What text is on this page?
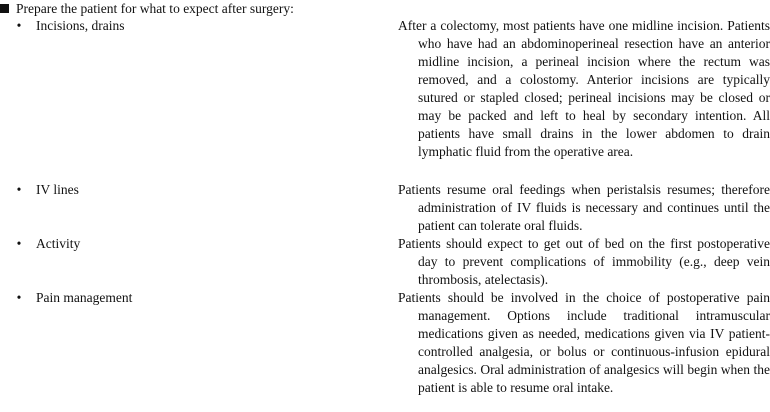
Prepare the patient for what to expect after surgery:
• Incisions, drains	After a colectomy, most patients have one midline incision. Patients who have had an abdominoperineal resection have an anterior midline incision, a perineal incision where the rectum was removed, and a colostomy. Anterior incisions are typically sutured or stapled closed; perineal incisions may be closed or may be packed and left to heal by secondary intention. All patients have small drains in the lower abdomen to drain lymphatic fluid from the operative area.

• IV lines	Patients resume oral feedings when peristalsis resumes; therefore administration of IV fluids is necessary and continues until the patient can tolerate oral fluids.

• Activity	Patients should expect to get out of bed on the first postoperative day to prevent complications of immobility (e.g., deep vein thrombosis, atelectasis).

• Pain management	Patients should be involved in the choice of postoperative pain management. Options include traditional intramuscular medications given as needed, medications given via IV patient-controlled analgesia, or bolus or continuous-infusion epidural analgesics. Oral administration of analgesics will begin when the patient is able to resume oral intake.
